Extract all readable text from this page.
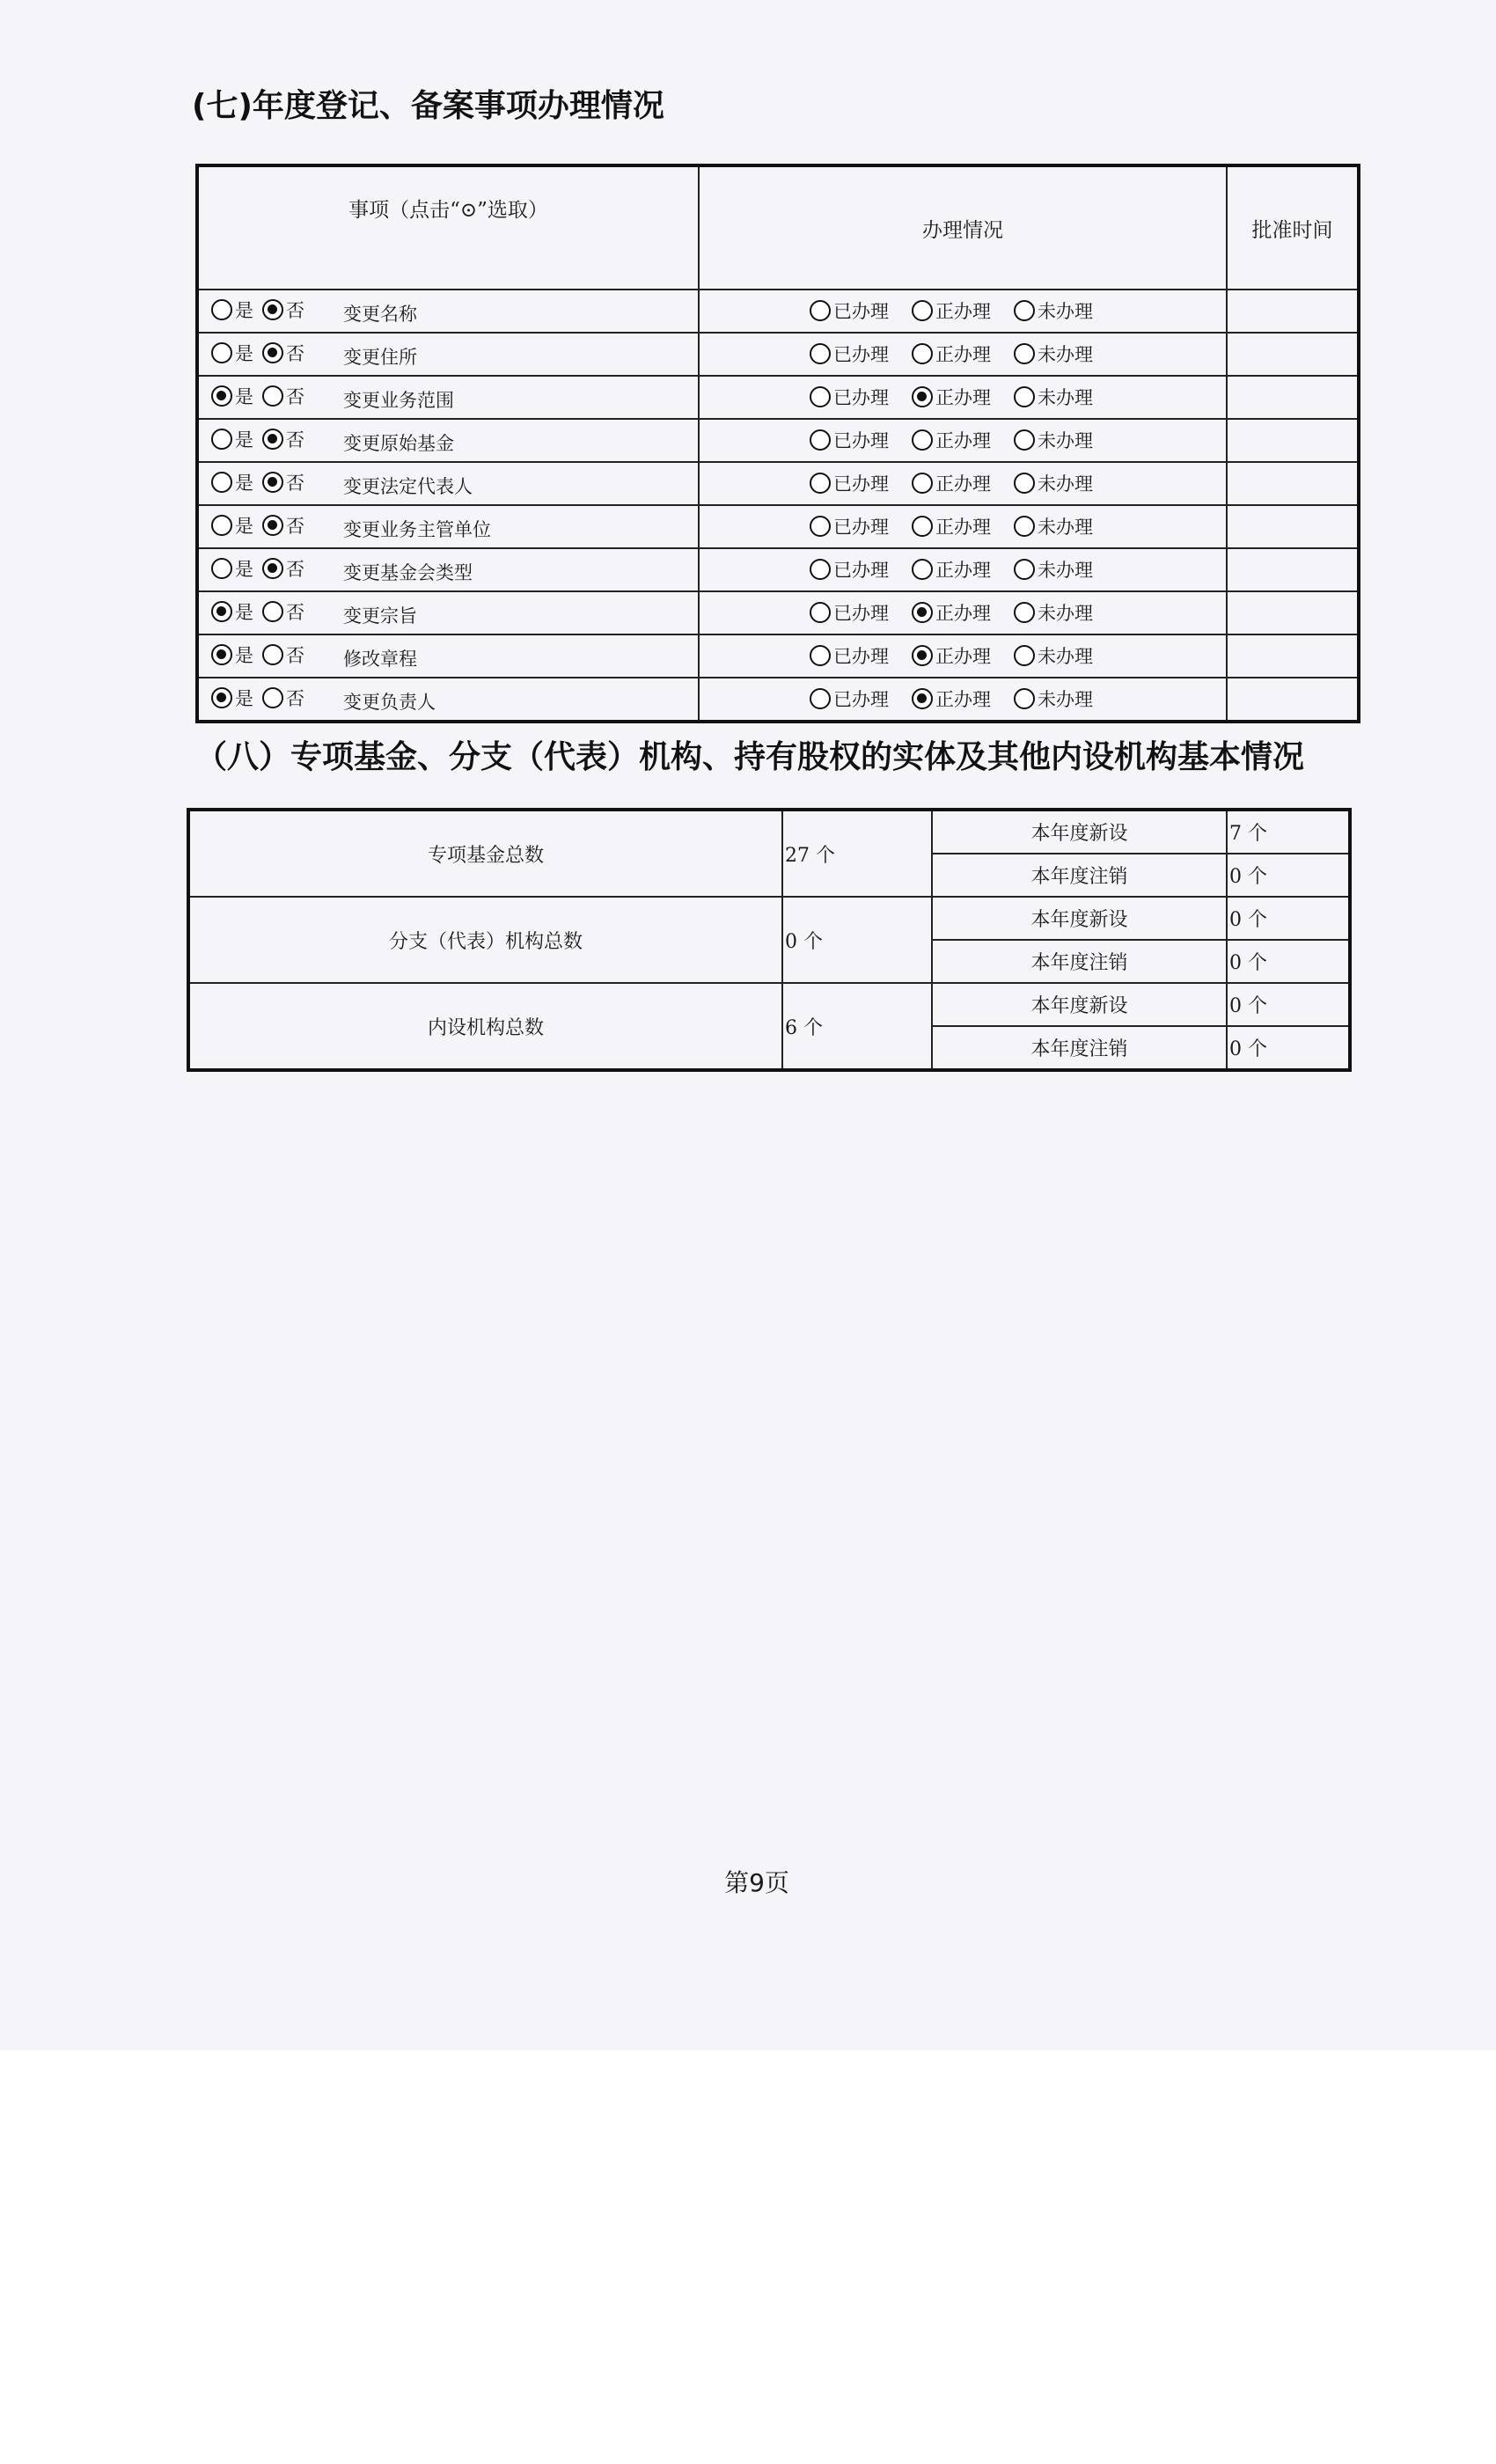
(七)年度登记、备案事项办理情况
事项（点击“⊙”选取）	办理情况	批准时间

是 否 变更名称	已办理 正办理 未办理	

是 否 变更住所	已办理 正办理 未办理	

是 否 变更业务范围	已办理 正办理 未办理	

是 否 变更原始基金	已办理 正办理 未办理	

是 否 变更法定代表人	已办理 正办理 未办理	

是 否 变更业务主管单位	已办理 正办理 未办理	

是 否 变更基金会类型	已办理 正办理 未办理	

是 否 变更宗旨	已办理 正办理 未办理	

是 否 修改章程	已办理 正办理 未办理	

是 否 变更负责人	已办理 正办理 未办理	

（八）专项基金、分支（代表）机构、持有股权的实体及其他内设机构基本情况
专项基金总数	27 个	本年度新设	7 个
		本年度注销	0 个
分支（代表）机构总数	0 个	本年度新设	0 个
		本年度注销	0 个
内设机构总数	6 个	本年度新设	0 个
		本年度注销	0 个
第9页
